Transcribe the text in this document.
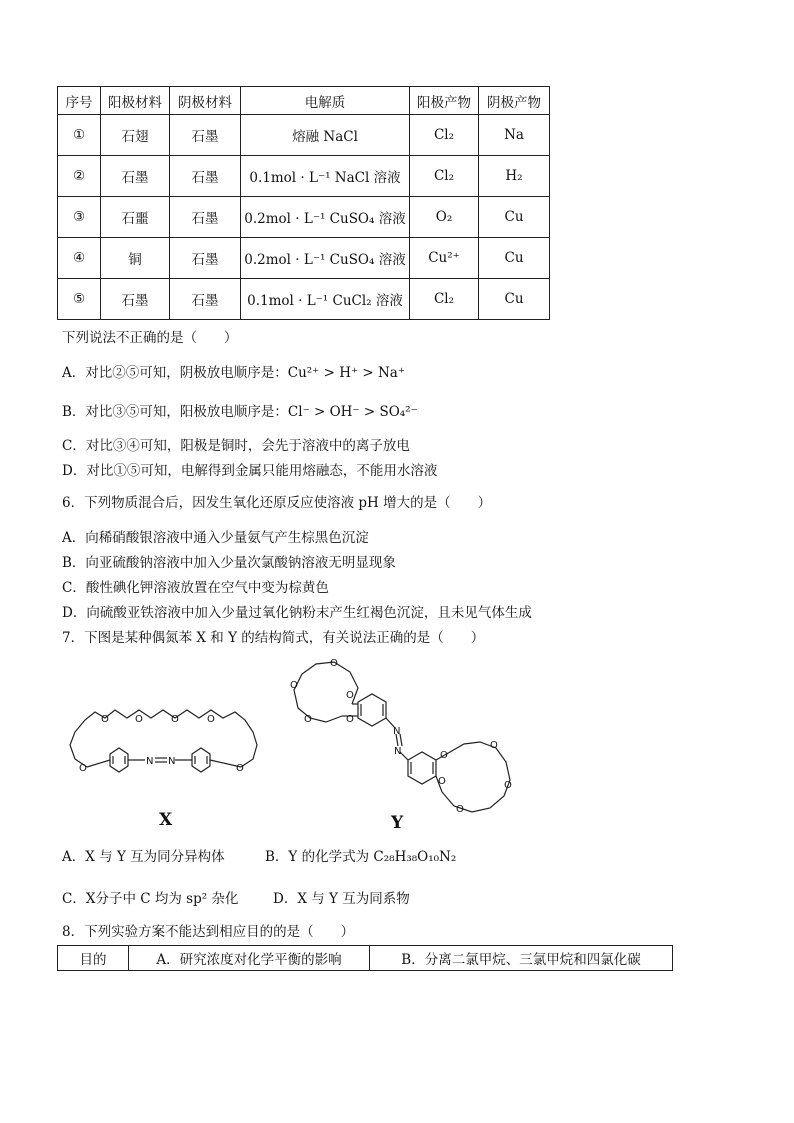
序号	阳极材料	阴极材料	电解质	阳极产物	阴极产物
①	石翅	石墨	熔融 NaCl	Cl₂	Na
②	石墨	石墨	0.1mol · L⁻¹ NaCl 溶液	Cl₂	H₂
③	石噩	石墨	0.2mol · L⁻¹ CuSO₄ 溶液	O₂	Cu
④	铜	石墨	0.2mol · L⁻¹ CuSO₄ 溶液	Cu²⁺	Cu
⑤	石墨	石墨	0.1mol · L⁻¹ CuCl₂ 溶液	Cl₂	Cu
下列说法不正确的是（　　）
A．对比②⑤可知，阴极放电顺序是：Cu²⁺ > H⁺ > Na⁺
B．对比③⑤可知，阳极放电顺序是：Cl⁻ > OH⁻ > SO₄²⁻
C．对比③④可知，阳极是铜时，会先于溶液中的离子放电
D．对比①⑤可知，电解得到金属只能用熔融态，不能用水溶液
6．下列物质混合后，因发生氧化还原反应使溶液 pH 增大的是（　　）
A．向稀硝酸银溶液中通入少量氨气产生棕黑色沉淀
B．向亚硫酸钠溶液中加入少量次氯酸钠溶液无明显现象
C．酸性碘化钾溶液放置在空气中变为棕黄色
D．向硫酸亚铁溶液中加入少量过氧化钠粉末产生红褐色沉淀，且未见气体生成
7．下图是某种偶氮苯 X 和 Y 的结构简式，有关说法正确的是（　　）
O	O
O	O	O	O
N N
X
O
O
O
O
O
N
N	O
O
O
O
O
Y
A．X 与 Y 互为同分异构体	B．Y 的化学式为 C₂₈H₃₈O₁₀N₂
C．X分子中 C 均为 sp² 杂化	D．X 与 Y 互为同系物
8．下列实验方案不能达到相应目的的是（　　）
目的	A．研究浓度对化学平衡的影响	B．分离二氯甲烷、三氯甲烷和四氯化碳
